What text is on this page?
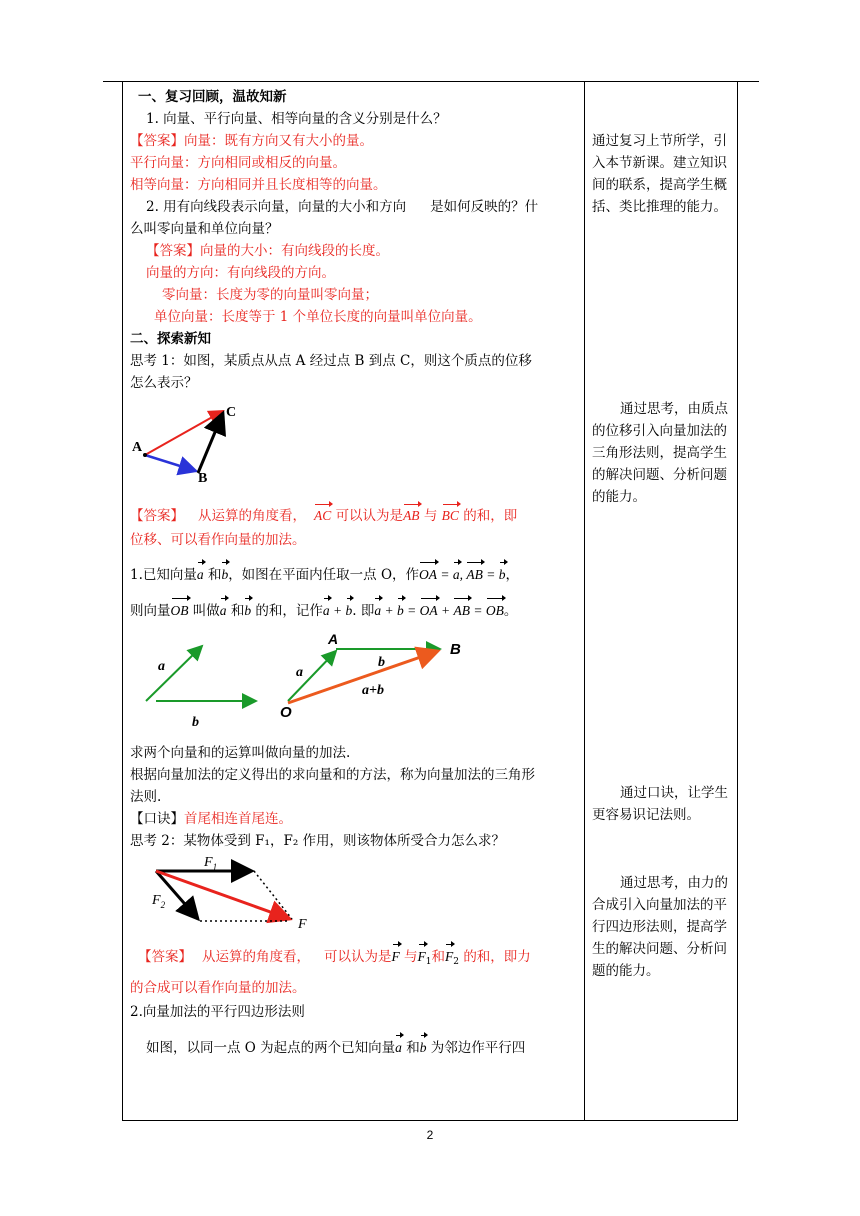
一、复习回顾，温故知新
1. 向量、平行向量、相等向量的含义分别是什么？
【答案】向量：既有方向又有大小的量。
平行向量：方向相同或相反的向量。
相等向量：方向相同并且长度相等的向量。
2. 用有向线段表示向量，向量的大小和方向 是如何反映的？什
么叫零向量和单位向量？
【答案】向量的大小：有向线段的长度。
向量的方向：有向线段的方向。
零向量：长度为零的向量叫零向量；
单位向量：长度等于 1 个单位长度的向量叫单位向量。
二、探索新知
思考 1：如图，某质点从点 A 经过点 B 到点 C，则这个质点的位移
怎么表示？
A
B
C
【答案】 从运算的角度看， AC 可以认为是AB 与 BC 的和，即
位移、可以看作向量的加法。
1.已知向量a 和b，如图在平面内任取一点 O，作OA = a, AB = b，
则向量OB 叫做a 和b 的和，记作a + b. 即a + b = OA + AB = OB。
a
b
A
B
O
a
b
a+b
求两个向量和的运算叫做向量的加法.
根据向量加法的定义得出的求向量和的方法，称为向量加法的三角形
法则.
【口诀】首尾相连首尾连。
思考 2：某物体受到 F₁，F₂ 作用，则该物体所受合力怎么求？
$F_1$
$F_2$
F
【答案】 从运算的角度看， 可以认为是F 与$F_1$和$F_2$ 的和，即力
的合成可以看作向量的加法。
2.向量加法的平行四边形法则
如图，以同一点 O 为起点的两个已知向量a 和b 为邻边作平行四
通过复习上节所学，引入本节新课。建立知识间的联系，提高学生概括、类比推理的能力。
通过思考，由质点的位移引入向量加法的三角形法则，提高学生的解决问题、分析问题的能力。
通过口诀，让学生更容易识记法则。
通过思考，由力的合成引入向量加法的平行四边形法则，提高学生的解决问题、分析问题的能力。
2
